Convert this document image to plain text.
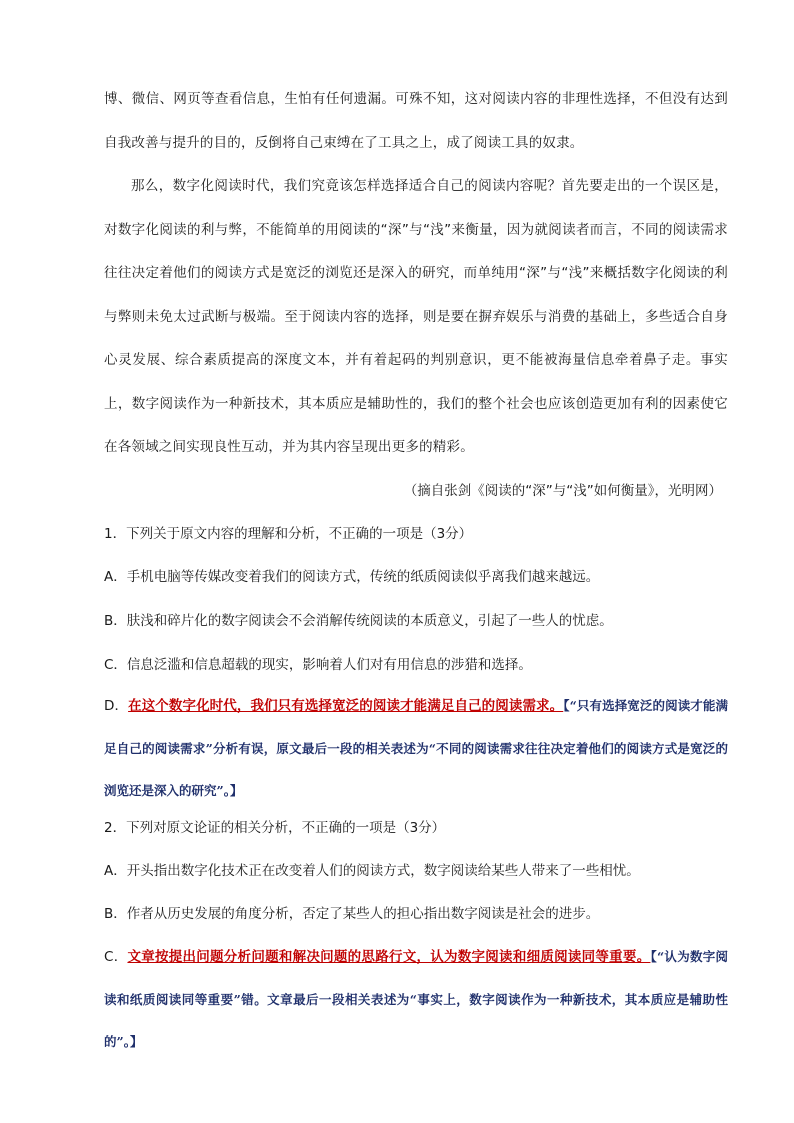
博、微信、网页等查看信息，生怕有任何遗漏。可殊不知，这对阅读内容的非理性选择，不但没有达到自我改善与提升的目的，反倒将自己束缚在了工具之上，成了阅读工具的奴隶。

那么，数字化阅读时代，我们究竟该怎样选择适合自己的阅读内容呢？首先要走出的一个误区是，对数字化阅读的利与弊，不能简单的用阅读的“深”与“浅”来衡量，因为就阅读者而言，不同的阅读需求往往决定着他们的阅读方式是宽泛的浏览还是深入的研究，而单纯用“深”与“浅”来概括数字化阅读的利与弊则未免太过武断与极端。至于阅读内容的选择，则是要在摒弃娱乐与消费的基础上，多些适合自身心灵发展、综合素质提高的深度文本，并有着起码的判别意识，更不能被海量信息牵着鼻子走。事实上，数字阅读作为一种新技术，其本质应是辅助性的，我们的整个社会也应该创造更加有利的因素使它在各领域之间实现良性互动，并为其内容呈现出更多的精彩。

（摘自张剑《阅读的“深”与“浅”如何衡量》，光明网）

1．下列关于原文内容的理解和分析，不正确的一项是（3分）

A．手机电脑等传媒改变着我们的阅读方式，传统的纸质阅读似乎离我们越来越远。

B．肤浅和碎片化的数字阅读会不会消解传统阅读的本质意义，引起了一些人的忧虑。

C．信息泛滥和信息超载的现实，影响着人们对有用信息的涉猎和选择。

D．在这个数字化时代，我们只有选择宽泛的阅读才能满足自己的阅读需求。【“只有选择宽泛的阅读才能满足自己的阅读需求”分析有误，原文最后一段的相关表述为“不同的阅读需求往往决定着他们的阅读方式是宽泛的浏览还是深入的研究”。】

2．下列对原文论证的相关分析，不正确的一项是（3分）

A．开头指出数字化技术正在改变着人们的阅读方式，数字阅读给某些人带来了一些相忧。

B．作者从历史发展的角度分析，否定了某些人的担心指出数字阅读是社会的进步。

C．文章按提出问题分析问题和解决问题的思路行文，认为数字阅读和细质阅读同等重要。【“认为数字阅读和纸质阅读同等重要”错。文章最后一段相关表述为“事实上，数字阅读作为一种新技术，其本质应是辅助性的”。】
